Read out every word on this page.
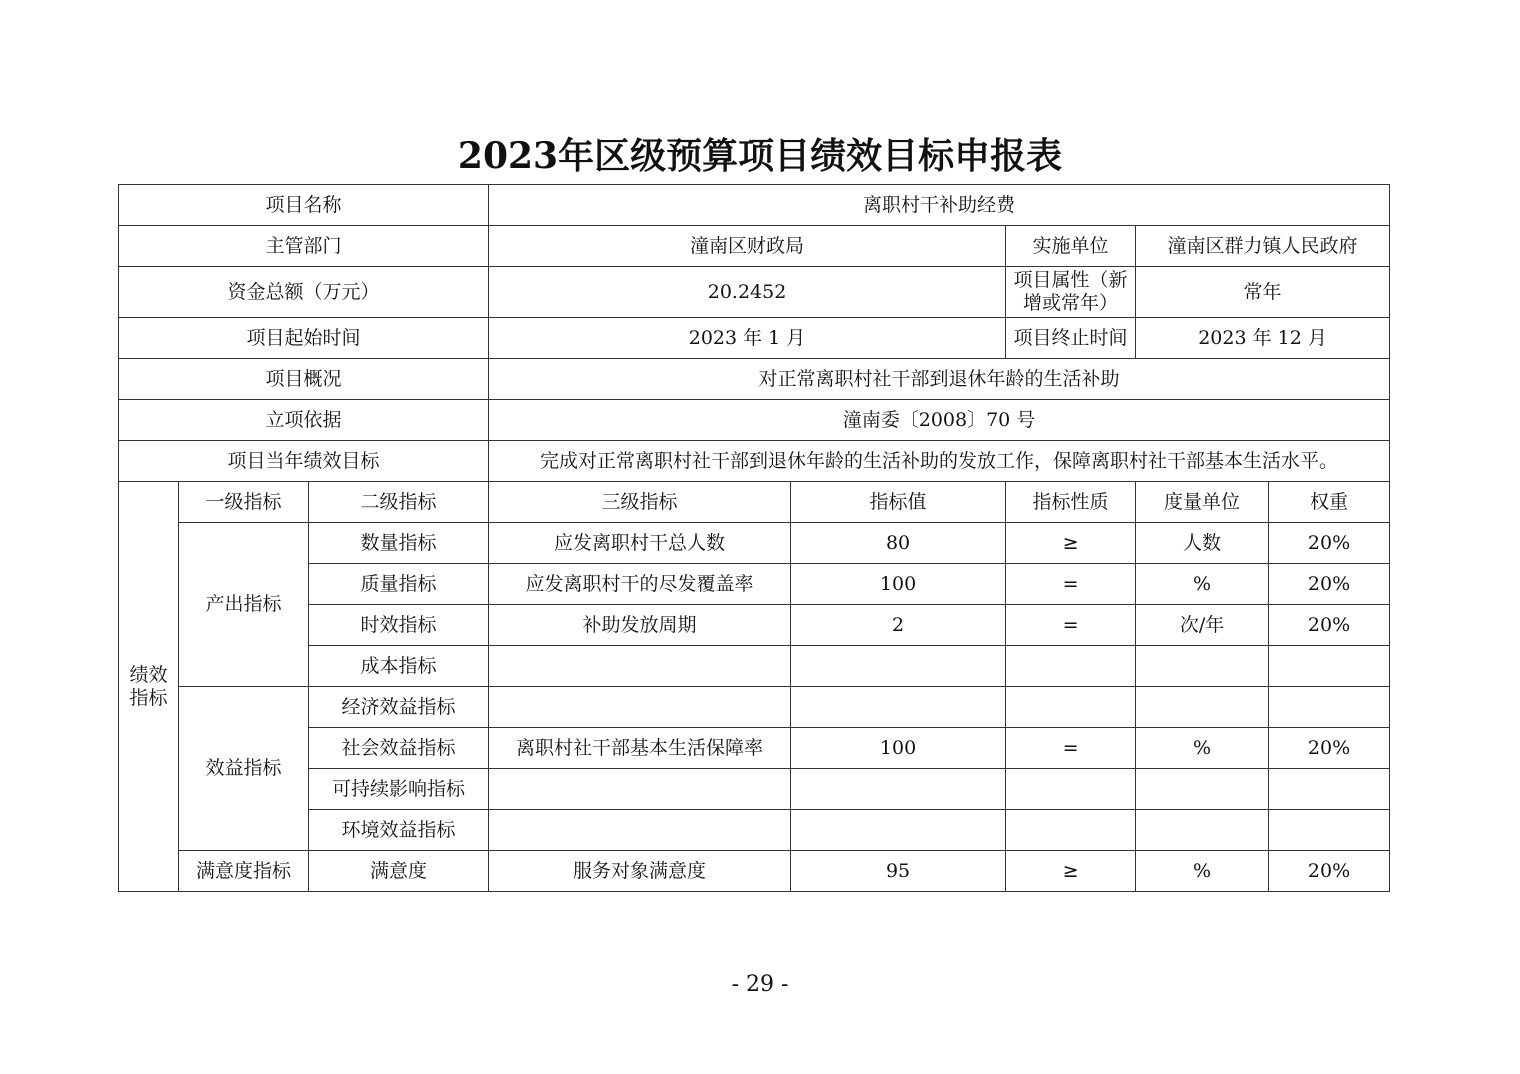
2023年区级预算项目绩效目标申报表
项目名称			离职村干补助经费				
主管部门			潼南区财政局		实施单位	潼南区群力镇人民政府	
资金总额（万元）			20.2452		项目属性（新增或常年）	常年	
项目起始时间			2023 年 1 月		项目终止时间	2023 年 12 月	
项目概况			对正常离职村社干部到退休年龄的生活补助				
立项依据			潼南委〔2008〕70 号				
项目当年绩效目标			完成对正常离职村社干部到退休年龄的生活补助的发放工作，保障离职村社干部基本生活水平。				
绩效指标	一级指标	二级指标	三级指标	指标值	指标性质	度量单位	权重
	产出指标	数量指标	应发离职村干总人数	80	≥	人数	20%
		质量指标	应发离职村干的尽发覆盖率	100	=	%	20%
		时效指标	补助发放周期	2	=	次/年	20%
		成本指标					
	效益指标	经济效益指标					
		社会效益指标	离职村社干部基本生活保障率	100	=	%	20%
		可持续影响指标					
		环境效益指标					
	满意度指标	满意度	服务对象满意度	95	≥	%	20%
- 29 -
